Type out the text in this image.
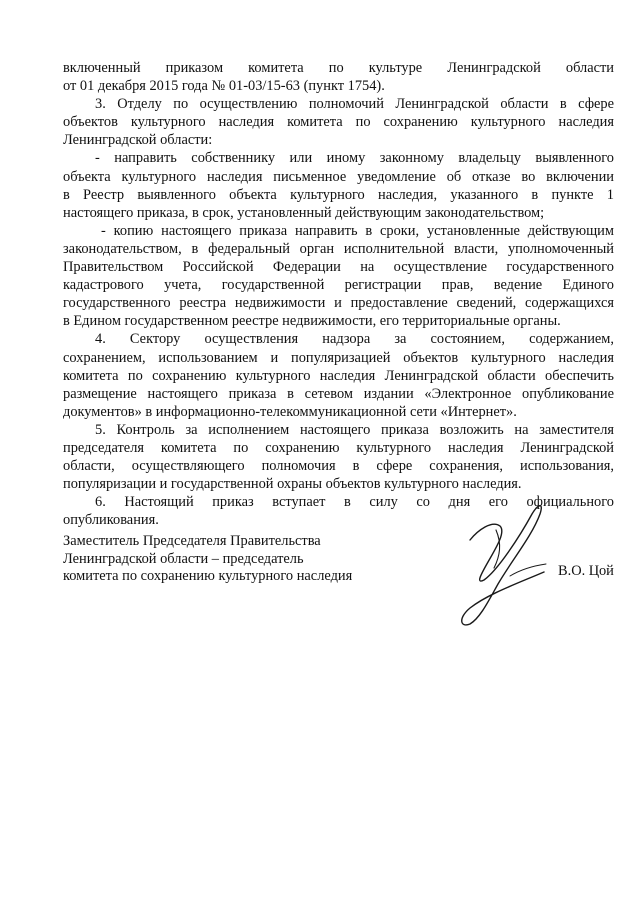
включенный приказом комитета по культуре Ленинградской области
от 01 декабря 2015 года № 01-03/15-63 (пункт 1754).
3. Отделу по осуществлению полномочий Ленинградской области в сфере
объектов культурного наследия комитета по сохранению культурного наследия
Ленинградской области:
- направить собственнику или иному законному владельцу выявленного
объекта культурного наследия письменное уведомление об отказе во включении
в Реестр выявленного объекта культурного наследия, указанного в пункте 1
настоящего приказа, в срок, установленный действующим законодательством;
- копию настоящего приказа направить в сроки, установленные действующим
законодательством, в федеральный орган исполнительной власти, уполномоченный
Правительством Российской Федерации на осуществление государственного
кадастрового учета, государственной регистрации прав, ведение Единого
государственного реестра недвижимости и предоставление сведений, содержащихся
в Едином государственном реестре недвижимости, его территориальные органы.
4. Сектору осуществления надзора за состоянием, содержанием,
сохранением, использованием и популяризацией объектов культурного наследия
комитета по сохранению культурного наследия Ленинградской области обеспечить
размещение настоящего приказа в сетевом издании «Электронное опубликование
документов» в информационно-телекоммуникационной сети «Интернет».
5. Контроль за исполнением настоящего приказа возложить на заместителя
председателя комитета по сохранению культурного наследия Ленинградской
области, осуществляющего полномочия в сфере сохранения, использования,
популяризации и государственной охраны объектов культурного наследия.
6. Настоящий приказ вступает в силу со дня его официального
опубликования.
Заместитель Председателя Правительства
Ленинградской области – председатель
комитета по сохранению культурного наследия	В.О. Цой
